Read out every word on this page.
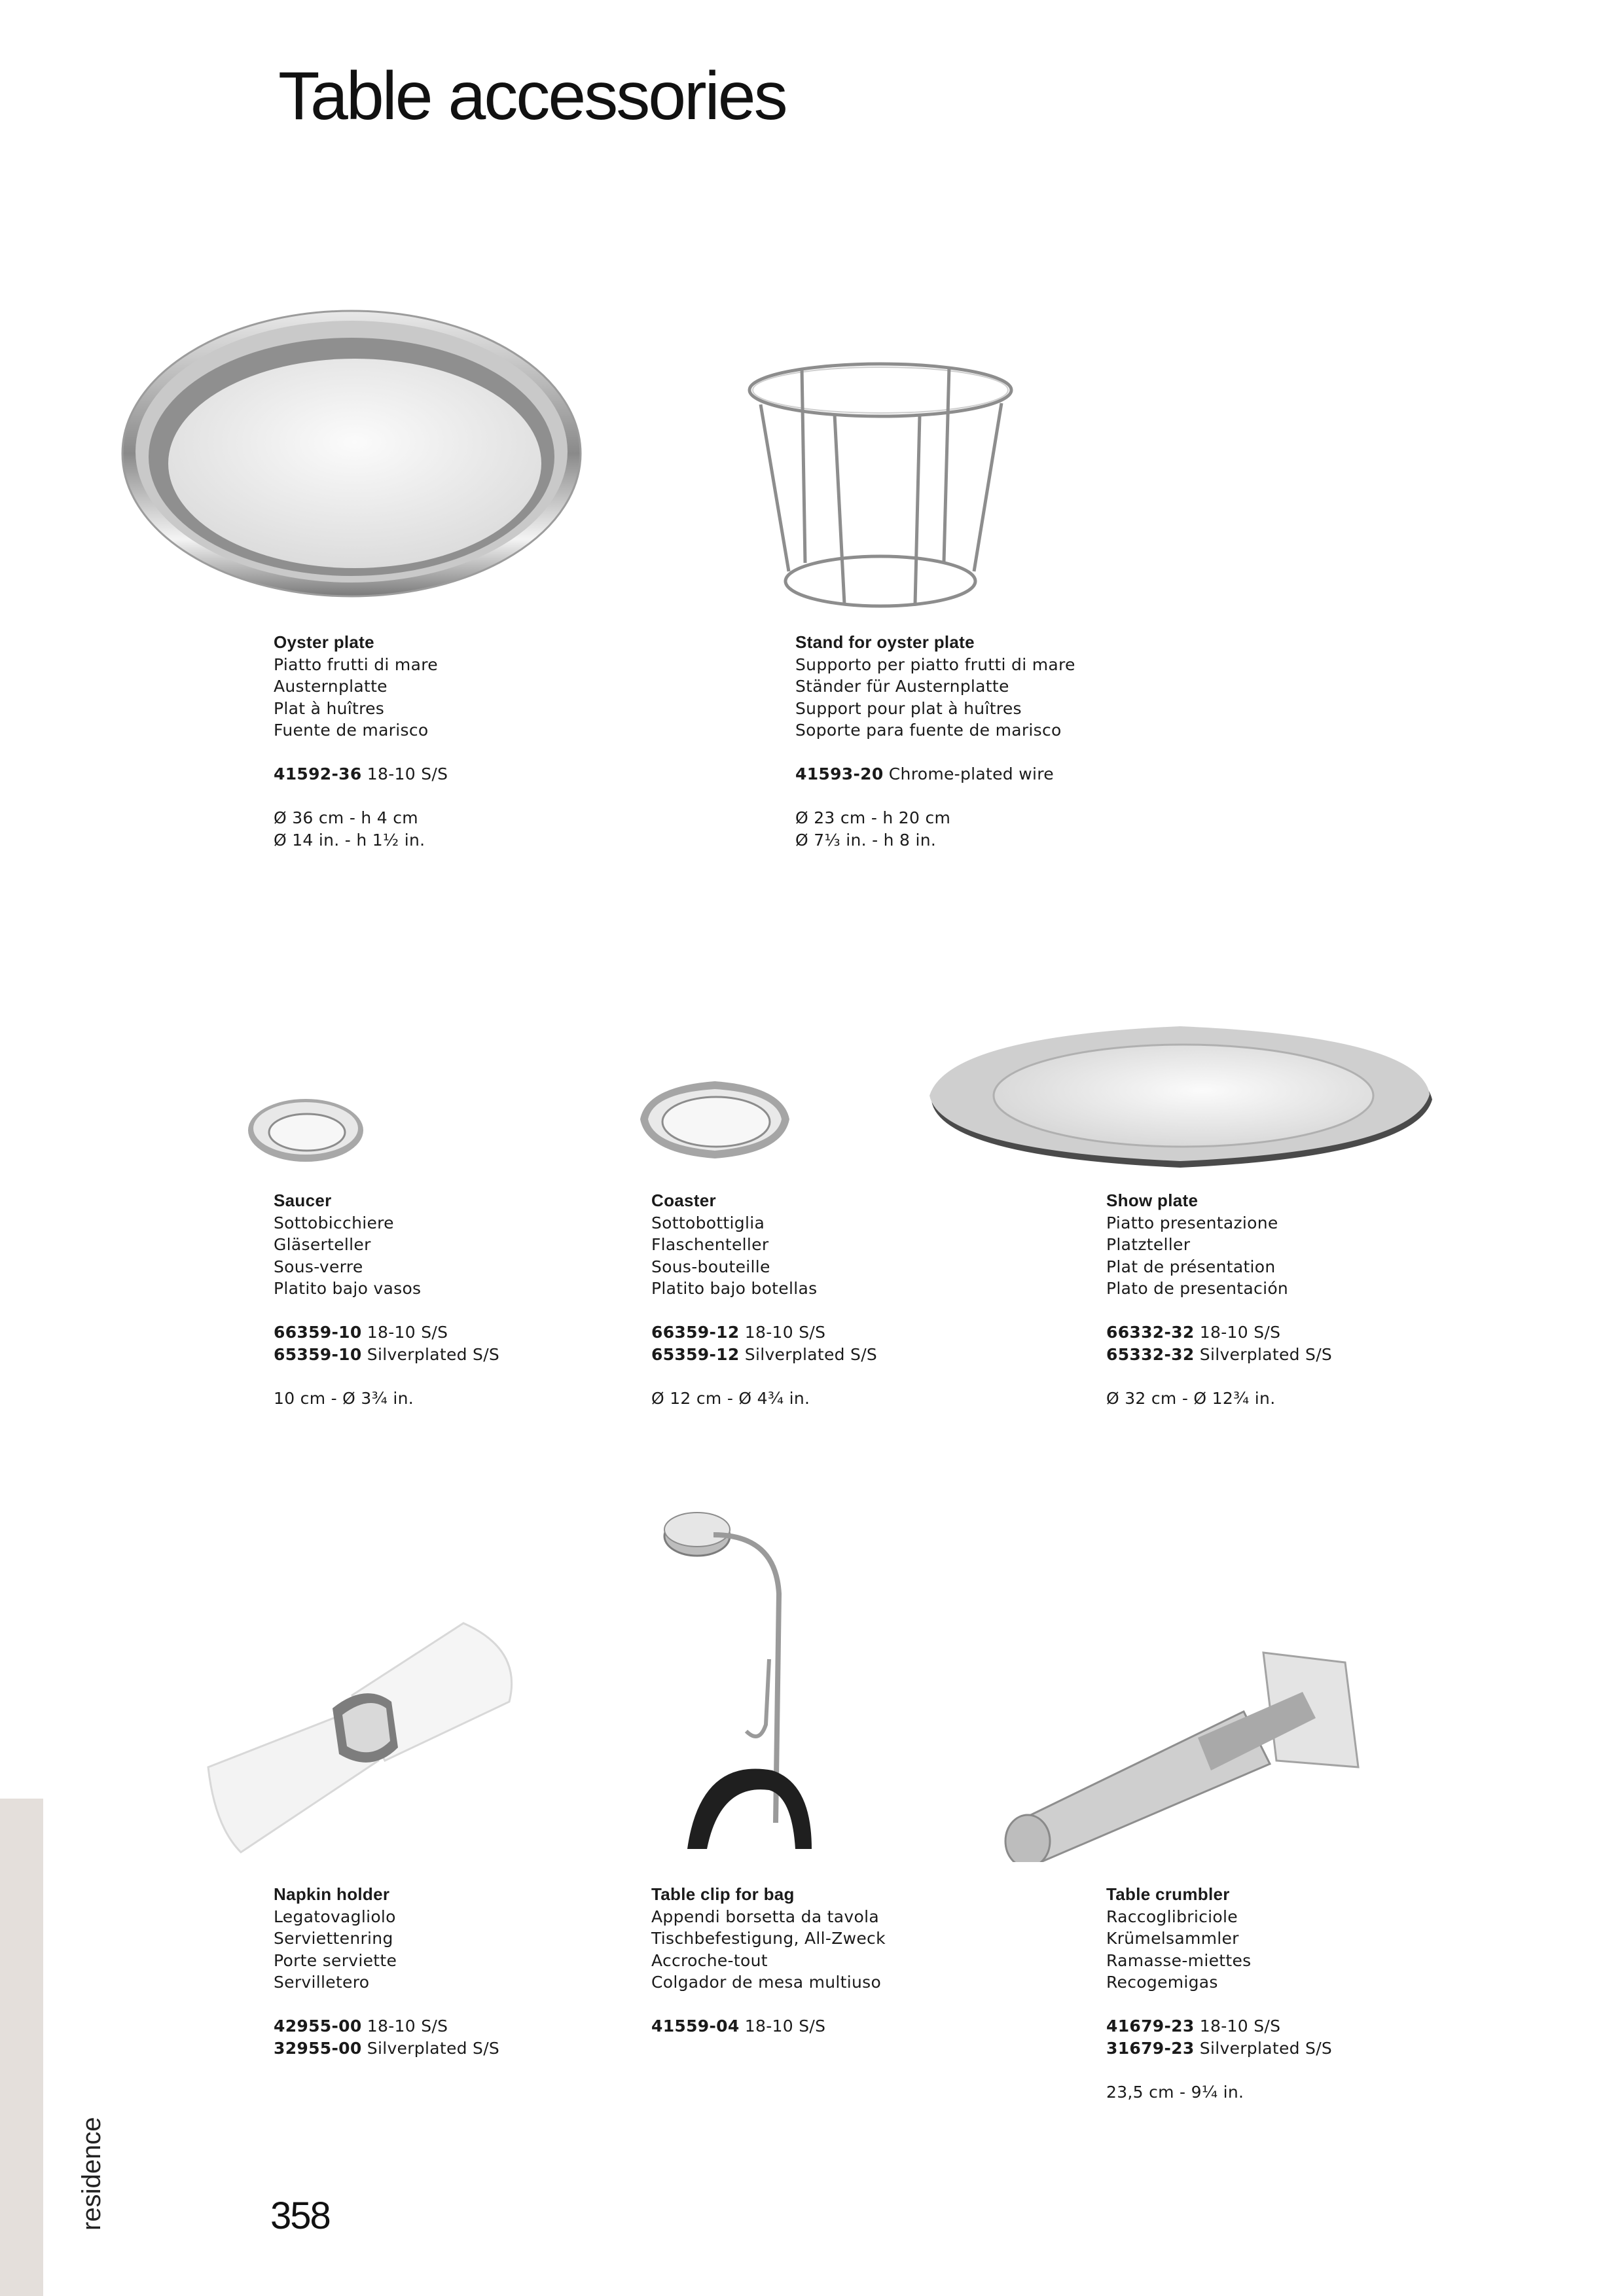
Table accessories
Oyster plate
Piatto frutti di mare
Austernplatte
Plat à huîtres
Fuente de marisco
41592-36 18-10 S/S
Ø 36 cm - h 4 cm
Ø 14 in. - h 1½ in.
Stand for oyster plate
Supporto per piatto frutti di mare
Ständer für Austernplatte
Support pour plat à huîtres
Soporte para fuente de marisco
41593-20 Chrome-plated wire
Ø 23 cm - h 20 cm
Ø 7⅓ in. - h 8 in.
Saucer
Sottobicchiere
Gläserteller
Sous-verre
Platito bajo vasos
66359-10 18-10 S/S
65359-10 Silverplated S/S
10 cm - Ø 3¾ in.
Coaster
Sottobottiglia
Flaschenteller
Sous-bouteille
Platito bajo botellas
66359-12 18-10 S/S
65359-12 Silverplated S/S
Ø 12 cm - Ø 4¾ in.
Show plate
Piatto presentazione
Platzteller
Plat de présentation
Plato de presentación
66332-32 18-10 S/S
65332-32 Silverplated S/S
Ø 32 cm - Ø 12¾ in.
Napkin holder
Legatovagliolo
Serviettenring
Porte serviette
Servilletero
42955-00 18-10 S/S
32955-00 Silverplated S/S
Table clip for bag
Appendi borsetta da tavola
Tischbefestigung, All-Zweck
Accroche-tout
Colgador de mesa multiuso
41559-04 18-10 S/S
Table crumbler
Raccoglibriciole
Krümelsammler
Ramasse-miettes
Recogemigas
41679-23 18-10 S/S
31679-23 Silverplated S/S
23,5 cm - 9¼ in.
residence	358
